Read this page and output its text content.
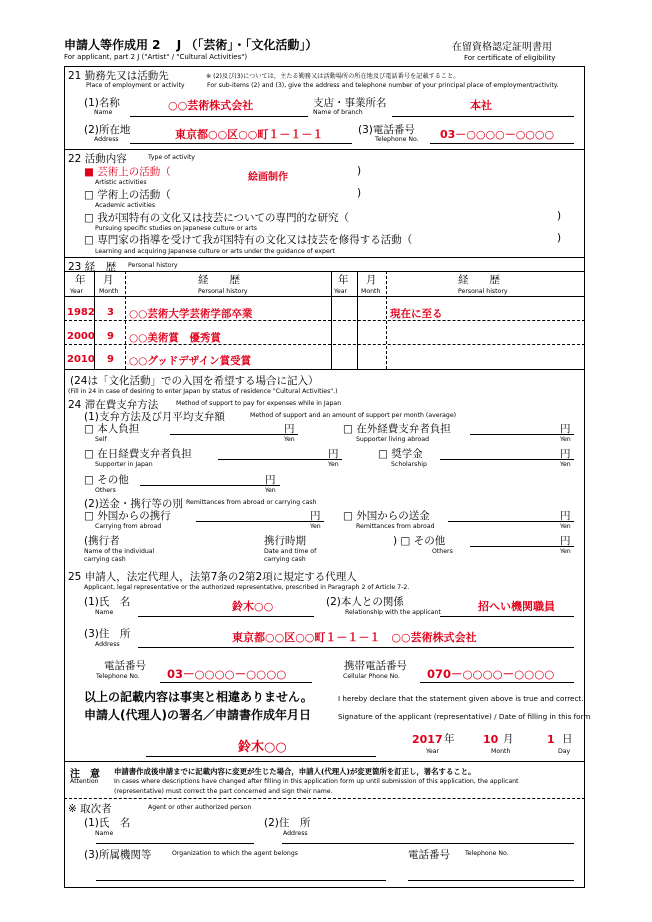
申請人等作成用 2　 J （「芸術」・「文化活動」）
For applicant, part 2 J ("Artist" / "Cultural Activities")
在留資格認定証明書用
For certificate of eligibility
21 勤務先又は活動先	※ (2)及び(3)については，主たる勤務又は活動場所の所在地及び電話番号を記載すること。
Place of employment or activity	For sub-items (2) and (3), give the address and telephone number of your principal place of employment/activity.
(1)名称
Name
○○芸術株式会社	支店・事業所名
Name of branch
本社
(2)所在地
Address	東京都○○区○○町１－１－１	(3)電話番号
Telephone No. 03－○○○○－○○○○
22 活動内容	Type of activity
■ 芸術上の活動（
Artistic activities	絵画制作
)
□ 学術上の活動（
Academic activities
)
□ 我が国特有の文化又は技芸についての専門的な研究（
Pursuing specific studies on Japanese culture or arts
)
□ 専門家の指導を受けて我が国特有の文化又は技芸を修得する活動（
Learning and acquiring Japanese culture or arts under the guidance of expert
)
23 経　歴 Personal history
年
Year
月
Month
経　　歴
Personal history
年
Year
月
Month
経　　歴
Personal history
1982 3 ○○芸術大学芸術学部卒業	現在に至る
2000 9 ○○美術賞　優秀賞
2010 9 ○○グッドデザイン賞受賞
(24は「文化活動」での入国を希望する場合に記入）
(Fill in 24 in case of desiring to enter Japan by status of residence "Cultural Activities".)
24 滞在費支弁方法	Method of support to pay for expenses while in Japan
(1)支弁方法及び月平均支弁額	Method of support and an amount of support per month (average)
□ 本人負担
Self
円
Yen
□ 在外経費支弁者負担
Supporter living abroad
円
Yen
□ 在日経費支弁者負担
Supporter in Japan
円
Yen
□ 奨学金
Scholarship
円
Yen
□ その他
Others
円
Yen
(2)送金・携行等の別 Remittances from abroad or carrying cash
□ 外国からの携行
Carrying from abroad
円
Yen
□ 外国からの送金
Remittances from abroad
円
Yen
(携行者
Name of the individual
carrying cash
携行時期
Date and time of
carrying cash
) □ その他
Others
円
Yen
25 申請人，法定代理人，法第7条の2第2項に規定する代理人
Applicant, legal representative or the authorized representative, prescribed in Paragraph 2 of Article 7-2.
(1)氏　名
Name	鈴木○○	(2)本人との関係
Relationship with the applicant	招へい機関職員
(3)住　所
Address
東京都○○区○○町１－１－１　○○芸術株式会社
電話番号
Telephone No. 03－○○○○－○○○○
携帯電話番号
Cellular Phone No. 070－○○○○－○○○○
以上の記載内容は事実と相違ありません。
申請人(代理人)の署名／申請書作成年月日
I hereby declare that the statement given above is true and correct.
Signature of the applicant (representative) / Date of filling in this form
鈴木○○
2017 年
Year
10 月
Month
1 日
Day
注　意 申請書作成後申請までに記載内容に変更が生じた場合，申請人(代理人)が変更箇所を訂正し，署名すること。
Attention In cases where descriptions have changed after filling in this application form up until submission of this application, the applicant
(representative) must correct the part concerned and sign their name.
※ 取次者	Agent or other authorized person
(1)氏　名
Name
(2)住　所
Address
(3)所属機関等	Organization to which the agent belongs	電話番号 Telephone No.
